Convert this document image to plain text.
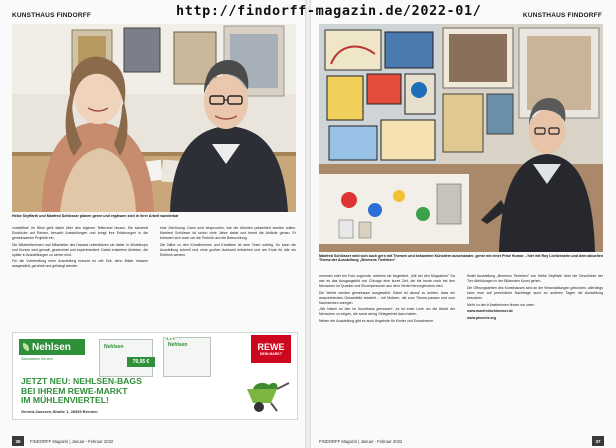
KUNSTHAUS FINDORFF
Heike Seyffarth und Manfred Schlösser planen gerne und ergänzen sich in ihrer Arbeit wunderbar

vorstellbar! Ihr Blick geht dabei über den eigenen Tellerrand hinaus: Sie sammelt Eindrücke auf Reisen, besucht Ausstellungen und bringt ihre Erfahrungen in die gemeinsamen Projekte ein.

Die Mitarbeiterinnen und Mitarbeiter des Hauses unterstützen sie dabei. In Workshops und Kursen wird gemalt, gezeichnet und experimentiert. Dabei entstehen Arbeiten, die später in Ausstellungen zu sehen sind.

Für die Vorbereitung einer Ausstellung braucht es viel Zeit, denn Bilder müssen ausgewählt, gerahmt und gehängt werden.

eine Zeichnung. Dann wird besprochen, wie die Arbeiten präsentiert werden sollen. Manfred Schlösser ist schon viele Jahre dabei und kennt die Abläufe genau. Er kümmert sich auch um die Technik und die Beleuchtung.

Die Nähe zu den Künstlerinnen und Künstlern ist dem Team wichtig. So kann die Ausstellung schnell und ohne großen Aufwand entstehen und am Ende für alle ein Erlebnis werden.

Nehlsen
Sackstarker Service
Nehlsen	Nehlsen
4,4 €
79,95 €
REWE
DEIN MARKT
JETZT NEU: NEHLSEN-BAGS
BEI IHREM REWE-MARKT
IM MÜHLENVIERTEL!
Gerold-Janssen-Straße 1, 28359 Bremen
36	FINDORFF Magazin | Januar - Februar 2022
KUNSTHAUS FINDORFF
Manfred Schlösser wird sich auch gern mit Themen und bekannten Künstlern auseinander, gerne mit einer Prise Humor – hier mit Roy Lichtenstein und dem aktuellen Thema der Ausstellung „Bremens Tierleben“

nommen oder ein Foto zugrunde, welches sie begeistert. „Wir bei den Magazinen“ Da war es das Ausgangsbild von Chicago eine kurze Zeit, die bis heute noch bei den Menschen im Quartier und Einzelpersonen aus dem Viertel hervorgehoben wird.

Die Werke werden gemeinsam ausgewählt. Dabei ist darauf zu achten, dass ein ansprechendes Gesamtbild entsteht – mit Motiven, die zum Thema passen und zum Nachdenken anregen.

„Wir haben es hier im Kunsthaus genossen“, es ist erste Linie um die Arbeit der Menschen zu zeigen, die sonst wenig Gelegenheit dazu haben.

Neben der Ausstellung gibt es auch Angebote für Kinder und Erwachsene.

findet Ausstellung „Bremens Tierleben“ von Heike Seyffarth über die Geschichte der Tier-Abbildungen in der Bildenden Kunst gehen.

Die Öffnungszeiten des Kunsthauses sind an die Veranstaltungen gebunden, allerdings kann man auf persönliche Nachfrage auch an anderen Tagen die Ausstellung besuchen.

Mehr zu den Künstlerinnen finden sie unter:

www.manfredschloesser.de

www.phoenix.org

FINDORFF Magazin | Januar - Februar 2022	37
http://findorff-magazin.de/2022-01/
